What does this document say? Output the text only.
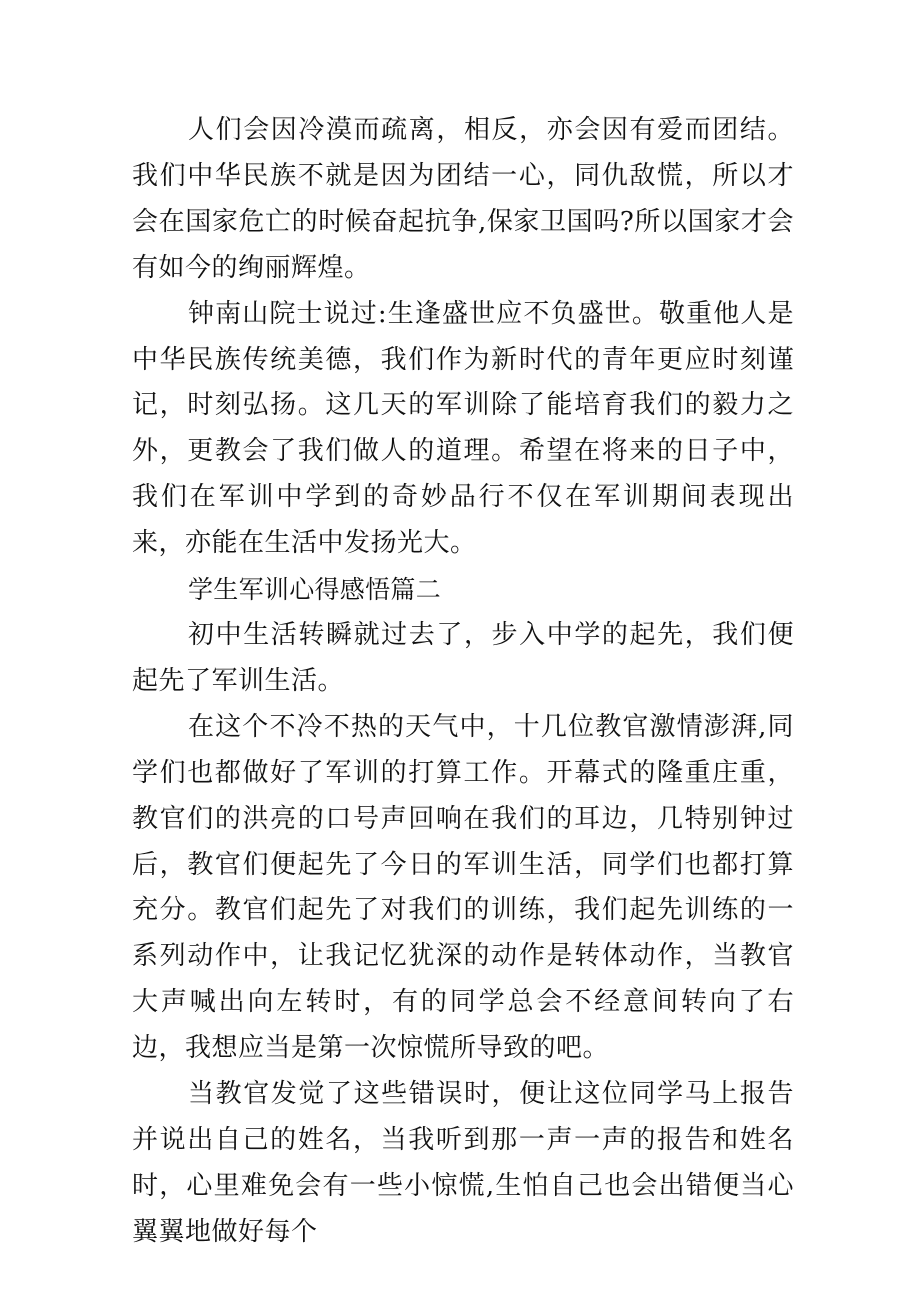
人们会因冷漠而疏离，相反，亦会因有爱而团结。我们中华民族不就是因为团结一心，同仇敌慌，所以才会在国家危亡的时候奋起抗争,保家卫国吗?所以国家才会有如今的绚丽辉煌。

钟南山院士说过:生逢盛世应不负盛世。敬重他人是中华民族传统美德，我们作为新时代的青年更应时刻谨记，时刻弘扬。这几天的军训除了能培育我们的毅力之外，更教会了我们做人的道理。希望在将来的日子中，我们在军训中学到的奇妙品行不仅在军训期间表现出来，亦能在生活中发扬光大。

学生军训心得感悟篇二

初中生活转瞬就过去了，步入中学的起先，我们便起先了军训生活。

在这个不冷不热的天气中，十几位教官激情澎湃,同学们也都做好了军训的打算工作。开幕式的隆重庄重，教官们的洪亮的口号声回响在我们的耳边，几特别钟过后，教官们便起先了今日的军训生活，同学们也都打算充分。教官们起先了对我们的训练，我们起先训练的一系列动作中，让我记忆犹深的动作是转体动作，当教官大声喊出向左转时，有的同学总会不经意间转向了右边，我想应当是第一次惊慌所导致的吧。

当教官发觉了这些错误时，便让这位同学马上报告并说出自己的姓名，当我听到那一声一声的报告和姓名时，心里难免会有一些小惊慌,生怕自己也会出错便当心翼翼地做好每个
